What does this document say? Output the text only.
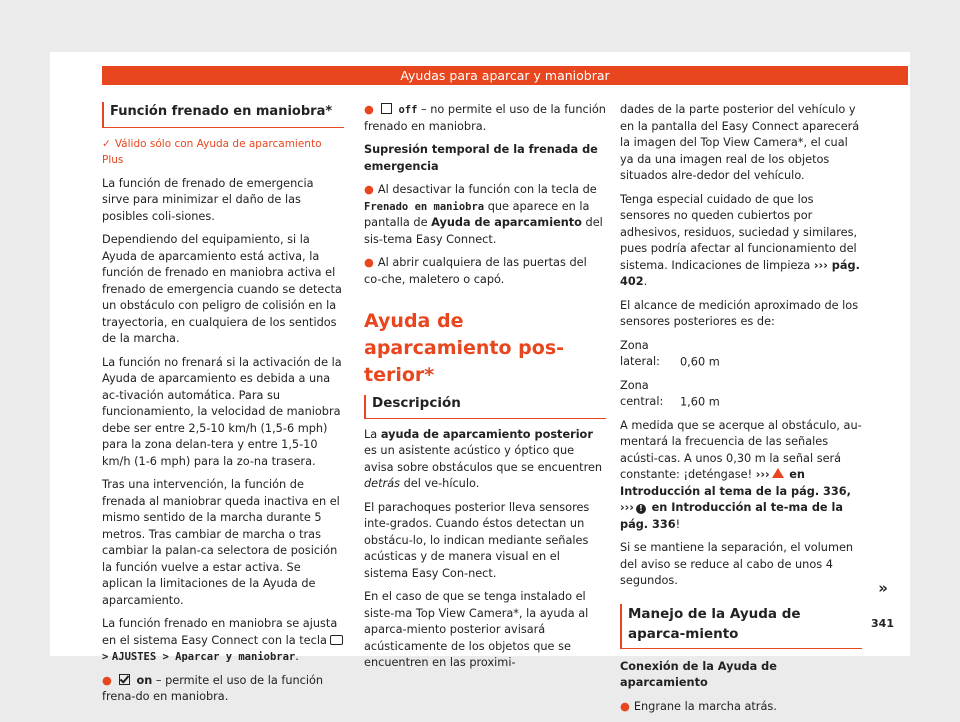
Ayudas para aparcar y maniobrar
Función frenado en maniobra*

✓ Válido sólo con Ayuda de aparcamiento Plus

La función de frenado de emergencia sirve para minimizar el daño de las posibles coli-siones.

Dependiendo del equipamiento, si la Ayuda de aparcamiento está activa, la función de frenado en maniobra activa el frenado de emergencia cuando se detecta un obstáculo con peligro de colisión en la trayectoria, en cualquiera de los sentidos de la marcha.

La función no frenará si la activación de la Ayuda de aparcamiento es debida a una ac-tivación automática. Para su funcionamiento, la velocidad de maniobra debe ser entre 2,5-10 km/h (1,5-6 mph) para la zona delan-tera y entre 1,5-10 km/h (1-6 mph) para la zo-na trasera.

Tras una intervención, la función de frenada al maniobrar queda inactiva en el mismo sentido de la marcha durante 5 metros. Tras cambiar de marcha o tras cambiar la palan-ca selectora de posición la función vuelve a estar activa. Se aplican la limitaciones de la Ayuda de aparcamiento.

La función frenado en maniobra se ajusta en el sistema Easy Connect con la tecla  > AJUSTES > Aparcar y maniobrar.

● on – permite el uso de la función frena-do en maniobra.

● off – no permite el uso de la función frenado en maniobra.

Supresión temporal de la frenada de emergencia

● Al desactivar la función con la tecla de Frenado en maniobra que aparece en la pantalla de Ayuda de aparcamiento del sis-tema Easy Connect.

● Al abrir cualquiera de las puertas del co-che, maletero o capó.

Ayuda de aparcamiento pos-terior*
Descripción

La ayuda de aparcamiento posterior es un asistente acústico y óptico que avisa sobre obstáculos que se encuentren detrás del ve-hículo.

El parachoques posterior lleva sensores inte-grados. Cuando éstos detectan un obstácu-lo, lo indican mediante señales acústicas y de manera visual en el sistema Easy Con-nect.

En el caso de que se tenga instalado el siste-ma Top View Camera*, la ayuda al aparca-miento posterior avisará acústicamente de los objetos que se encuentren en las proximi-

dades de la parte posterior del vehículo y en la pantalla del Easy Connect aparecerá la imagen del Top View Camera*, el cual ya da una imagen real de los objetos situados alre-dedor del vehículo.

Tenga especial cuidado de que los sensores no queden cubiertos por adhesivos, residuos, suciedad y similares, pues podría afectar al funcionamiento del sistema. Indicaciones de limpieza ››› pág. 402.

El alcance de medición aproximado de los sensores posteriores es de:

Zona lateral: 0,60 m

Zona central: 1,60 m

A medida que se acerque al obstáculo, au-mentará la frecuencia de las señales acústi-cas. A unos 0,30 m la señal será constante: ¡deténgase! ››› en Introducción al tema de la pág. 336, ››› ! en Introducción al te-ma de la pág. 336!

Si se mantiene la separación, el volumen del aviso se reduce al cabo de unos 4 segundos.

Manejo de la Ayuda de aparca-miento

Conexión de la Ayuda de aparcamiento

● Engrane la marcha atrás.

»
341
